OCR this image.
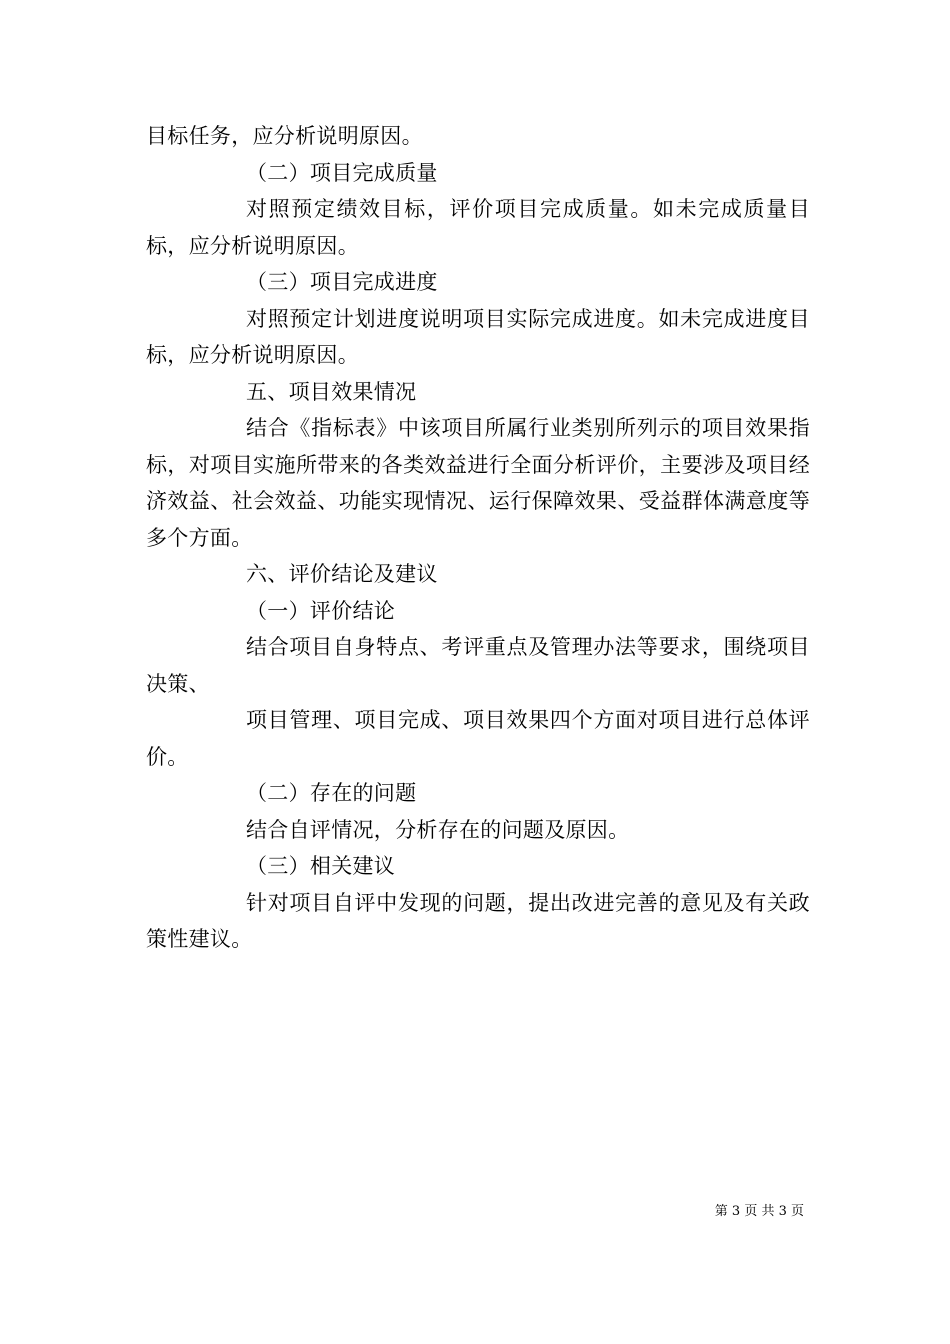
目标任务，应分析说明原因。

（二）项目完成质量

对照预定绩效目标，评价项目完成质量。如未完成质量目标，应分析说明原因。

（三）项目完成进度

对照预定计划进度说明项目实际完成进度。如未完成进度目标，应分析说明原因。

五、项目效果情况

结合《指标表》中该项目所属行业类别所列示的项目效果指标，对项目实施所带来的各类效益进行全面分析评价，主要涉及项目经济效益、社会效益、功能实现情况、运行保障效果、受益群体满意度等多个方面。

六、评价结论及建议

（一）评价结论

结合项目自身特点、考评重点及管理办法等要求，围绕项目决策、

项目管理、项目完成、项目效果四个方面对项目进行总体评价。

（二）存在的问题

结合自评情况，分析存在的问题及原因。

（三）相关建议

针对项目自评中发现的问题，提出改进完善的意见及有关政策性建议。

第 3 页 共 3 页
